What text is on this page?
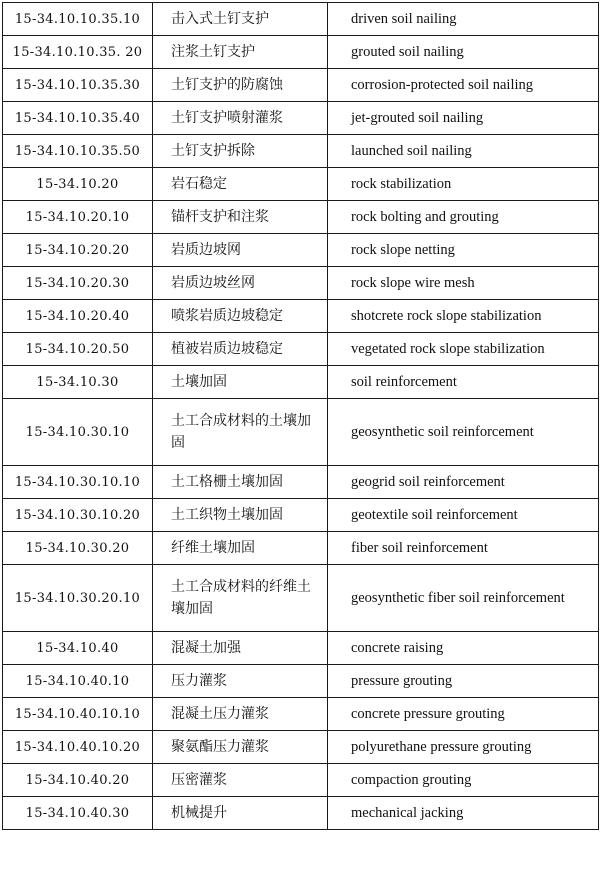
15-34.10.10.35.10	击入式土钉支护	driven soil nailing
15-34.10.10.35. 20	注浆土钉支护	grouted soil nailing
15-34.10.10.35.30	土钉支护的防腐蚀	corrosion-protected soil nailing
15-34.10.10.35.40	土钉支护喷射灌浆	jet-grouted soil nailing
15-34.10.10.35.50	土钉支护拆除	launched soil nailing
15-34.10.20	岩石稳定	rock stabilization
15-34.10.20.10	锚杆支护和注浆	rock bolting and grouting
15-34.10.20.20	岩质边坡网	rock slope netting
15-34.10.20.30	岩质边坡丝网	rock slope wire mesh
15-34.10.20.40	喷浆岩质边坡稳定	shotcrete rock slope stabilization
15-34.10.20.50	植被岩质边坡稳定	vegetated rock slope stabilization
15-34.10.30	土壤加固	soil reinforcement
15-34.10.30.10	土工合成材料的土壤加固	geosynthetic soil reinforcement
15-34.10.30.10.10	土工格栅土壤加固	geogrid soil reinforcement
15-34.10.30.10.20	土工织物土壤加固	geotextile soil reinforcement
15-34.10.30.20	纤维土壤加固	fiber soil reinforcement
15-34.10.30.20.10	土工合成材料的纤维土壤加固	geosynthetic fiber soil reinforcement
15-34.10.40	混凝土加强	concrete raising
15-34.10.40.10	压力灌浆	pressure grouting
15-34.10.40.10.10	混凝土压力灌浆	concrete pressure grouting
15-34.10.40.10.20	聚氨酯压力灌浆	polyurethane pressure grouting
15-34.10.40.20	压密灌浆	compaction grouting
15-34.10.40.30	机械提升	mechanical jacking
